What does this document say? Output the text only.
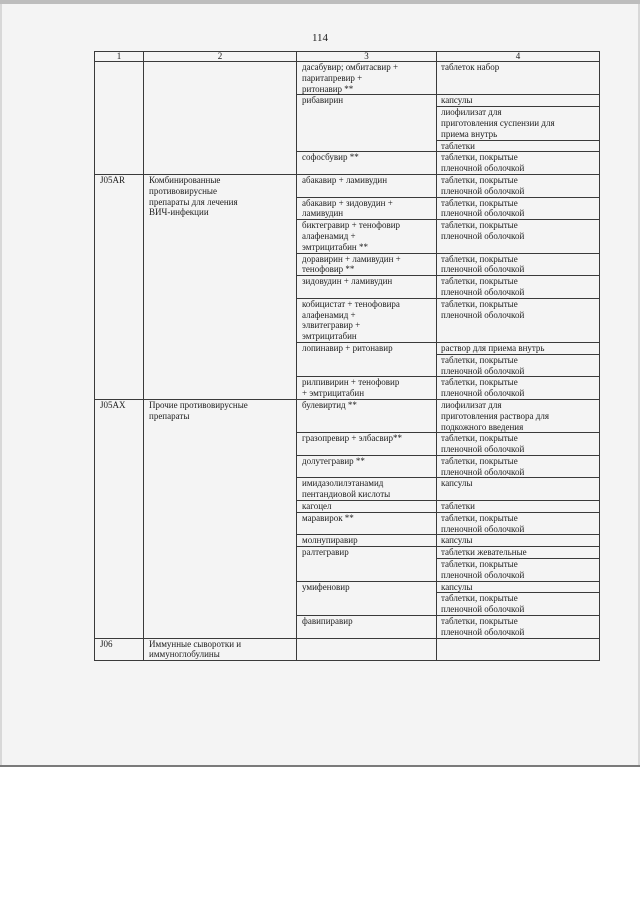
114
1	2	3	4
		дасабувир; омбитасвир +
паритапревир +
ритонавир **	таблеток набор
		рибавирин	капсулы
			лиофилизат для
приготовления суспензии для
приема внутрь
			таблетки
		софосбувир **	таблетки, покрытые
пленочной оболочкой
J05AR	Комбинированные
противовирусные
препараты для лечения
ВИЧ-инфекции	абакавир + ламивудин	таблетки, покрытые
пленочной оболочкой
		абакавир + зидовудин +
ламивудин	таблетки, покрытые
пленочной оболочкой
		биктегравир + тенофовир
алафенамид +
эмтрицитабин **	таблетки, покрытые
пленочной оболочкой
		доравирин + ламивудин +
тенофовир **	таблетки, покрытые
пленочной оболочкой
		зидовудин + ламивудин	таблетки, покрытые
пленочной оболочкой
		кобицистат + тенофовира
алафенамид +
элвитегравир +
эмтрицитабин	таблетки, покрытые
пленочной оболочкой
		лопинавир + ритонавир	раствор для приема внутрь
			таблетки, покрытые
пленочной оболочкой
		рилпивирин + тенофовир
+ эмтрицитабин	таблетки, покрытые
пленочной оболочкой
J05AX	Прочие противовирусные
препараты	булевиртид **	лиофилизат для
приготовления раствора для
подкожного введения
		гразопревир + элбасвир**	таблетки, покрытые
пленочной оболочкой
		долутегравир **	таблетки, покрытые
пленочной оболочкой
		имидазолилэтанамид
пентандиовой кислоты	капсулы
		кагоцел	таблетки
		маравирок **	таблетки, покрытые
пленочной оболочкой
		молнупиравир	капсулы
		ралтегравир	таблетки жевательные
			таблетки, покрытые
пленочной оболочкой
		умифеновир	капсулы
			таблетки, покрытые
пленочной оболочкой
		фавипиравир	таблетки, покрытые
пленочной оболочкой
J06	Иммунные сыворотки и
иммуноглобулины		
